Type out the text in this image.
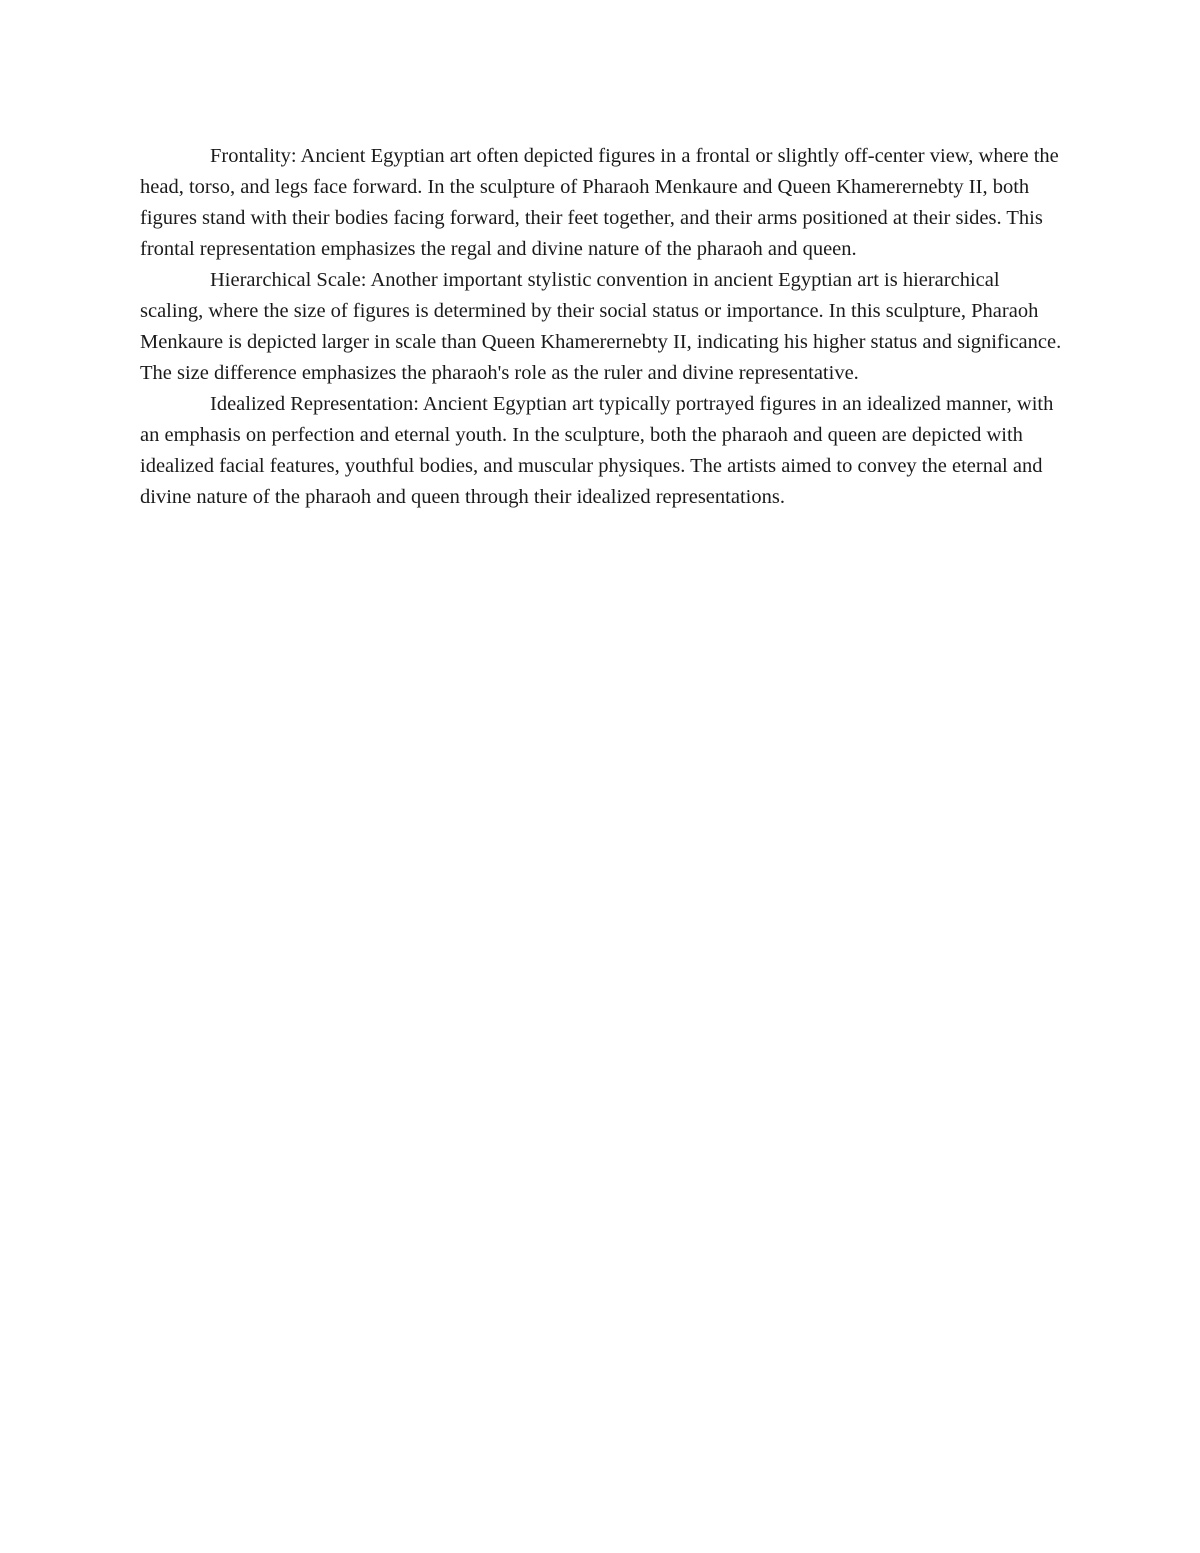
Frontality: Ancient Egyptian art often depicted figures in a frontal or slightly off-center view, where the head, torso, and legs face forward. In the sculpture of Pharaoh Menkaure and Queen Khamerernebty II, both figures stand with their bodies facing forward, their feet together, and their arms positioned at their sides. This frontal representation emphasizes the regal and divine nature of the pharaoh and queen.

Hierarchical Scale: Another important stylistic convention in ancient Egyptian art is hierarchical scaling, where the size of figures is determined by their social status or importance. In this sculpture, Pharaoh Menkaure is depicted larger in scale than Queen Khamerernebty II, indicating his higher status and significance. The size difference emphasizes the pharaoh's role as the ruler and divine representative.

Idealized Representation: Ancient Egyptian art typically portrayed figures in an idealized manner, with an emphasis on perfection and eternal youth. In the sculpture, both the pharaoh and queen are depicted with idealized facial features, youthful bodies, and muscular physiques. The artists aimed to convey the eternal and divine nature of the pharaoh and queen through their idealized representations.
